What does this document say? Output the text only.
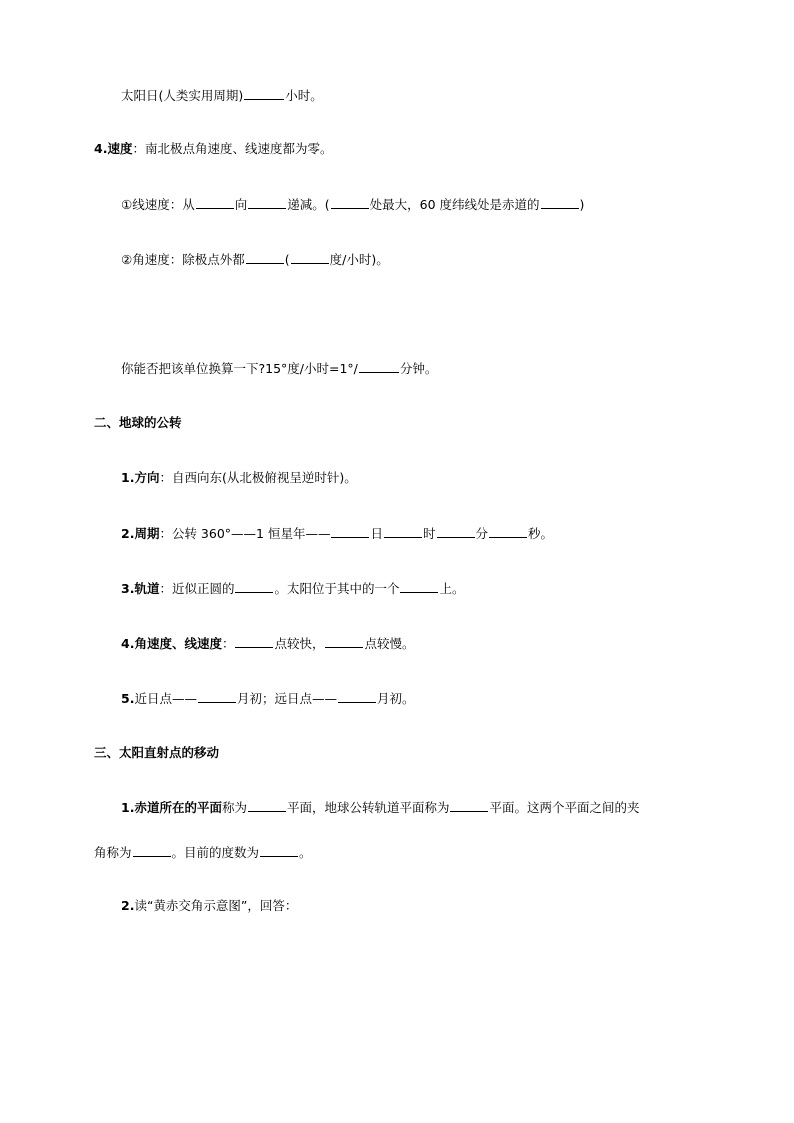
太阳日(人类实用周期)	小时。
4.速度：南北极点角速度、线速度都为零。
①线速度：从	向	递减。(	处最大，60 度纬线处是赤道的	)
②角速度：除极点外都	(	度/小时)。
你能否把该单位换算一下?15°度/小时=1°/	分钟。
二、地球的公转
1.方向：自西向东(从北极俯视呈逆时针)。
2.周期：公转 360°——1 恒星年——	日	时	分	秒。
3.轨道：近似正圆的	。太阳位于其中的一个	上。
4.角速度、线速度：	点较快，	点较慢。
5.近日点——	月初；远日点——	月初。
三、太阳直射点的移动
1.赤道所在的平面称为	平面，地球公转轨道平面称为	平面。这两个平面之间的夹
角称为	。目前的度数为	。
2.读“黄赤交角示意图”，回答：
